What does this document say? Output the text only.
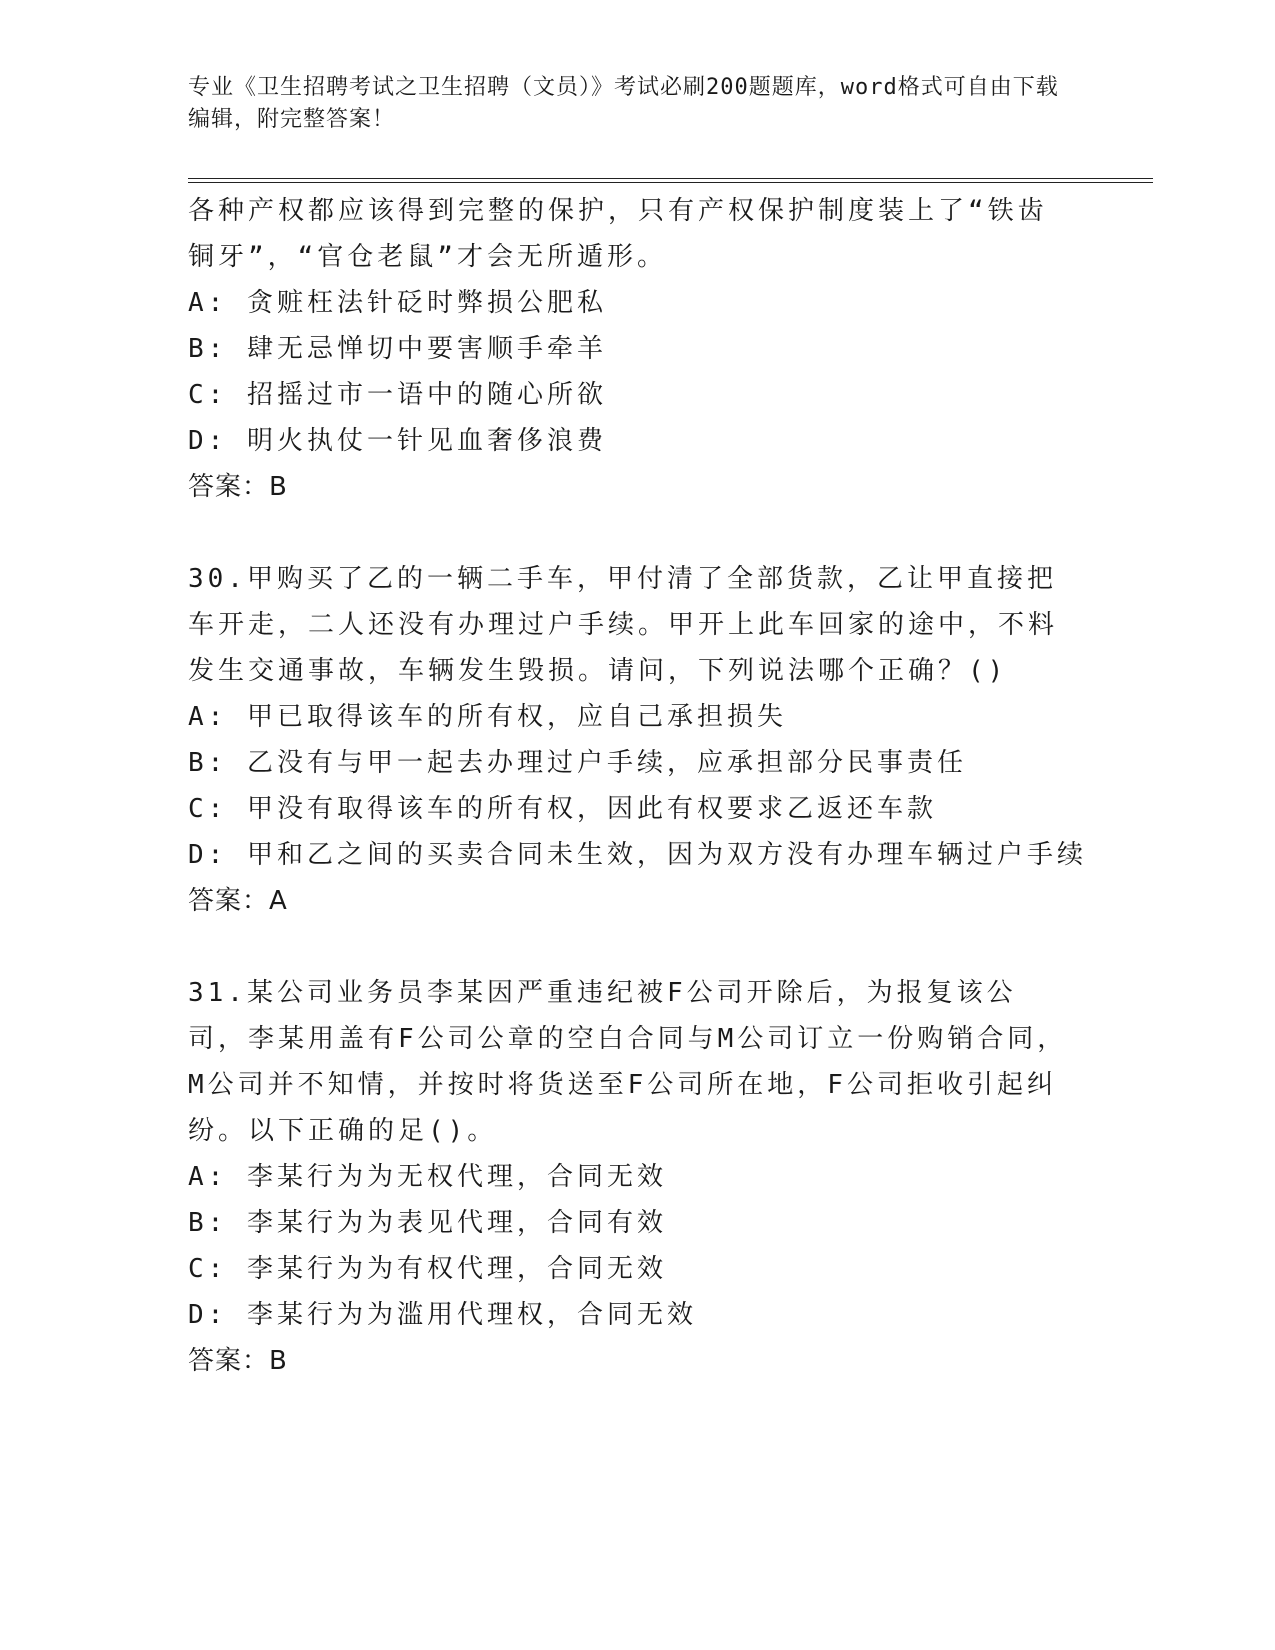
专业《卫生招聘考试之卫生招聘（文员）》考试必刷200题题库，word格式可自由下载编辑，附完整答案！

各种产权都应该得到完整的保护，只有产权保护制度装上了“铁齿铜牙”，“官仓老鼠”才会无所遁形。

A: 贪赃枉法针砭时弊损公肥私

B: 肆无忌惮切中要害顺手牵羊

C: 招摇过市一语中的随心所欲

D: 明火执仗一针见血奢侈浪费

答案：B

30.甲购买了乙的一辆二手车，甲付清了全部货款，乙让甲直接把车开走，二人还没有办理过户手续。甲开上此车回家的途中，不料发生交通事故，车辆发生毁损。请问，下列说法哪个正确？()

A: 甲已取得该车的所有权，应自己承担损失

B: 乙没有与甲一起去办理过户手续，应承担部分民事责任

C: 甲没有取得该车的所有权，因此有权要求乙返还车款

D: 甲和乙之间的买卖合同未生效，因为双方没有办理车辆过户手续

答案：A

31.某公司业务员李某因严重违纪被F公司开除后，为报复该公司，李某用盖有F公司公章的空白合同与M公司订立一份购销合同，M公司并不知情，并按时将货送至F公司所在地，F公司拒收引起纠纷。以下正确的足()。

A: 李某行为为无权代理，合同无效

B: 李某行为为表见代理，合同有效

C: 李某行为为有权代理，合同无效

D: 李某行为为滥用代理权，合同无效

答案：B
